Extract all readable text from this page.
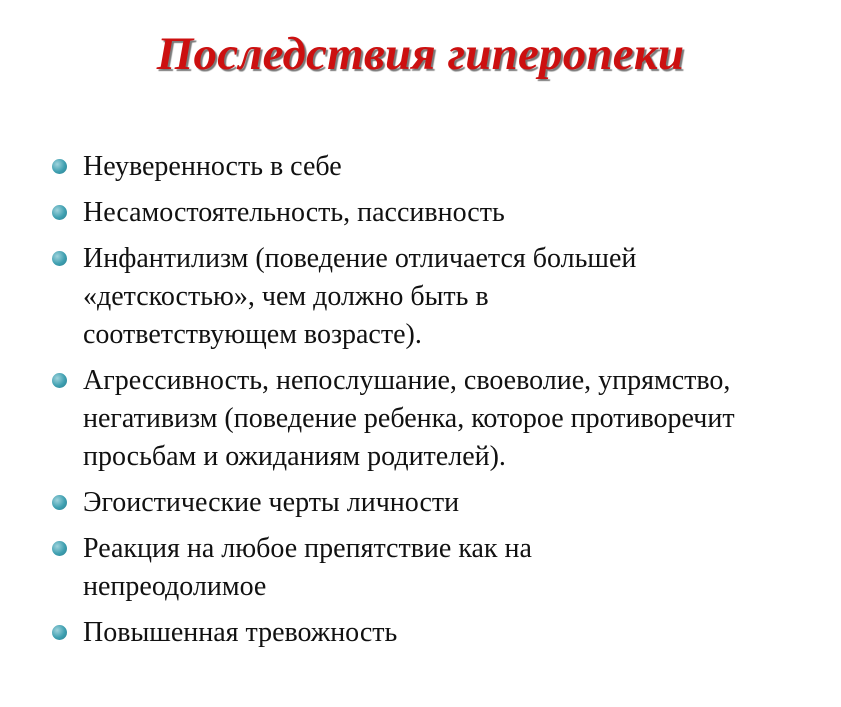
Последствия гиперопеки
Неуверенность в себе
Несамостоятельность, пассивность
Инфантилизм (поведение отличается большей «детскостью», чем должно быть в соответствующем возрасте).
Агрессивность, непослушание, своеволие, упрямство, негативизм (поведение ребенка, которое противоречит просьбам и ожиданиям родителей).
Эгоистические черты личности
Реакция на любое препятствие как на непреодолимое
Повышенная тревожность
